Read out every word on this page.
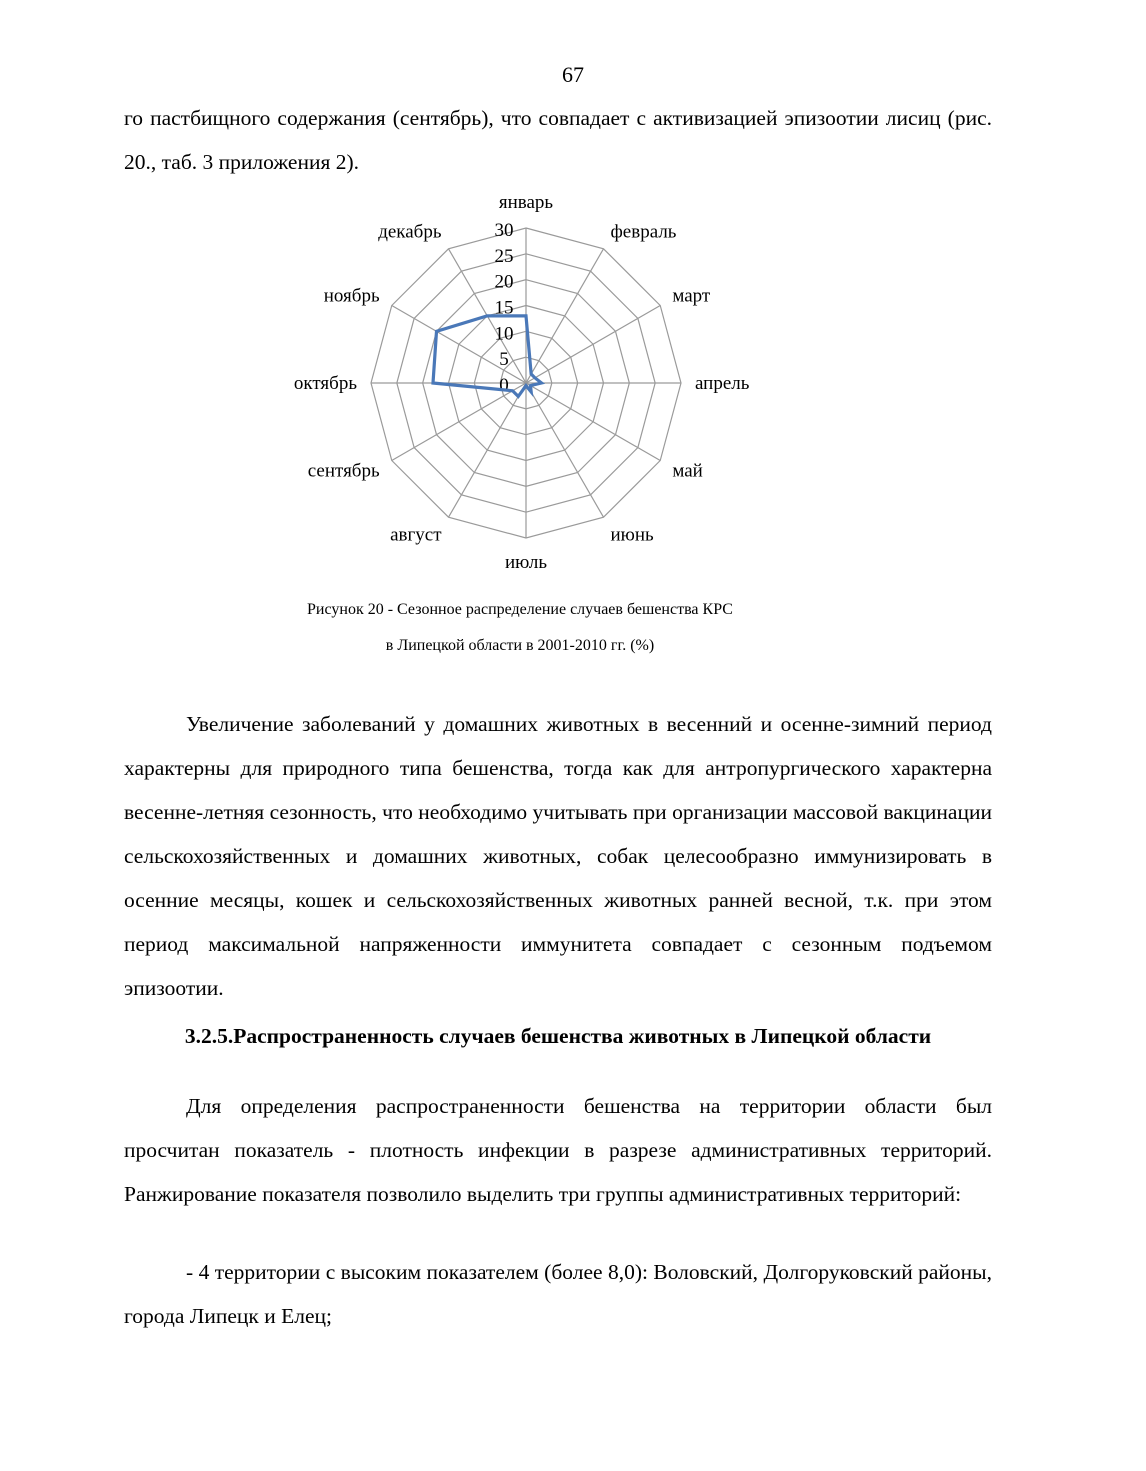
67

го пастбищного содержания (сентябрь), что совпадает с активизацией эпизоотии лисиц (рис. 20., таб. 3 приложения 2).

0
5
10
15
20
25
30
январь
февраль
март
апрель
май
июнь
июль
август
сентябрь
октябрь
ноябрь
декабрь

Рисунок 20 - Сезонное распределение случаев бешенства КРС

в Липецкой области в 2001-2010 гг. (%)

Увеличение заболеваний у домашних животных в весенний и осенне-зимний период характерны для природного типа бешенства, тогда как для антропургического характерна весенне-летняя сезонность, что необходимо учитывать при организации массовой вакцинации сельскохозяйственных и домашних животных, собак целесообразно иммунизировать в осенние месяцы, кошек и сельскохозяйственных животных ранней весной, т.к. при этом период максимальной напряженности иммунитета совпадает с сезонным подъемом эпизоотии.

3.2.5.Распространенность случаев бешенства животных в Липецкой области

Для определения распространенности бешенства на территории области был просчитан показатель - плотность инфекции в разрезе административных территорий. Ранжирование показателя позволило выделить три группы административных территорий:

- 4 территории с высоким показателем (более 8,0): Воловский, Долгоруковский районы, города Липецк и Елец;
